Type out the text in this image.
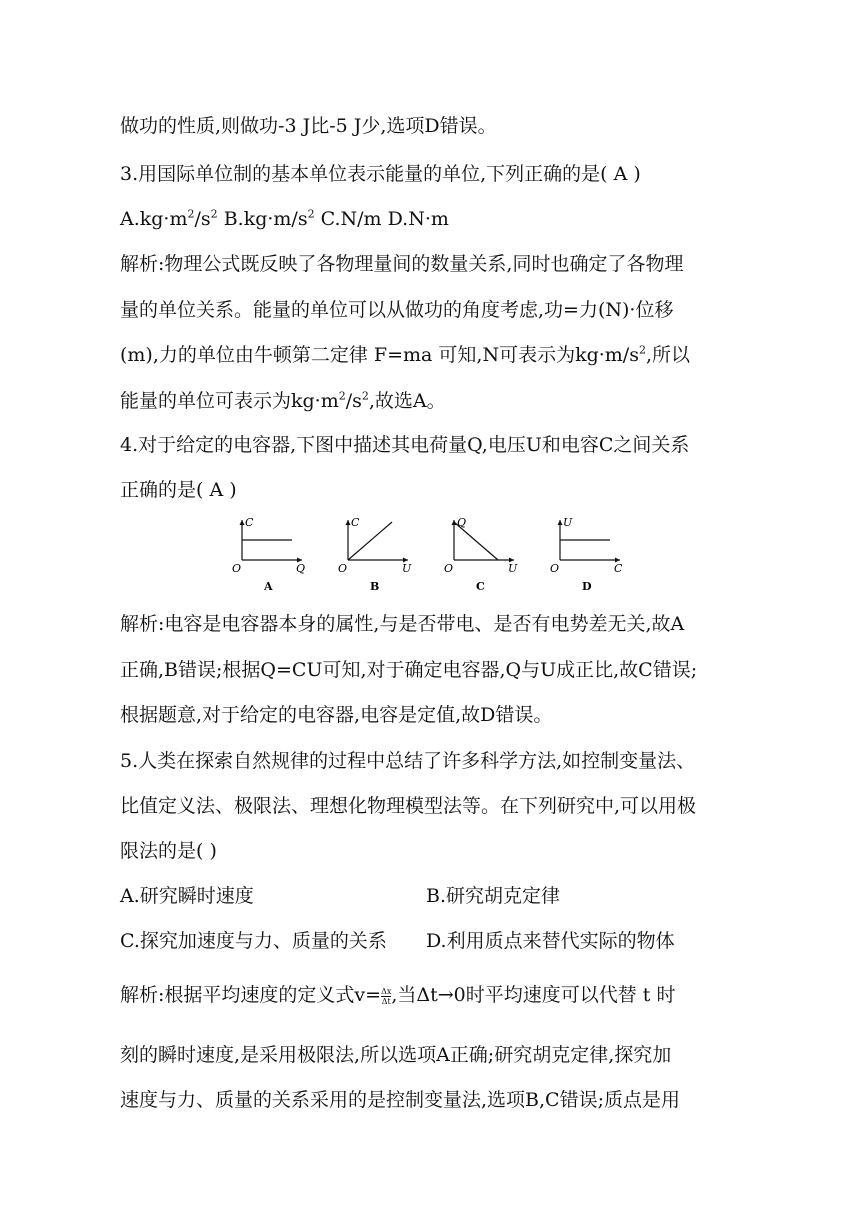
做功的性质,则做功-3 J比-5 J少,选项D错误。
3.用国际单位制的基本单位表示能量的单位,下列正确的是( A )
$A.kg\cdot m^2/s^2$ $B.kg\cdot m/s^2$ C.N/m D.N·m
解析:物理公式既反映了各物理量间的数量关系,同时也确定了各物理
量的单位关系。能量的单位可以从做功的角度考虑,功=力(N)·位移
(m),力的单位由牛顿第二定律 F=ma 可知,N可表示为$kg\cdot m/s^2$,所以
能量的单位可表示为$kg\cdot m^2/s^2$,故选A。
4.对于给定的电容器,下图中描述其电荷量Q,电压U和电容C之间关系
正确的是( A )
C
O	Q
A
C
O	U
B
Q
O	U
C
U
O	C
D
解析:电容是电容器本身的属性,与是否带电、是否有电势差无关,故A
正确,B错误;根据Q=CU可知,对于确定电容器,Q与U成正比,故C错误;
根据题意,对于给定的电容器,电容是定值,故D错误。
5.人类在探索自然规律的过程中总结了许多科学方法,如控制变量法、
比值定义法、极限法、理想化物理模型法等。在下列研究中,可以用极
限法的是( )
A.研究瞬时速度	B.研究胡克定律
C.探究加速度与力、质量的关系 D.利用质点来替代实际的物体
解析:根据平均速度的定义式$v= \frac{\Delta x}{\Delta t}$ ,当Δt→0时平均速度可以代替 t 时
刻的瞬时速度,是采用极限法,所以选项A正确;研究胡克定律,探究加
速度与力、质量的关系采用的是控制变量法,选项B,C错误;质点是用
